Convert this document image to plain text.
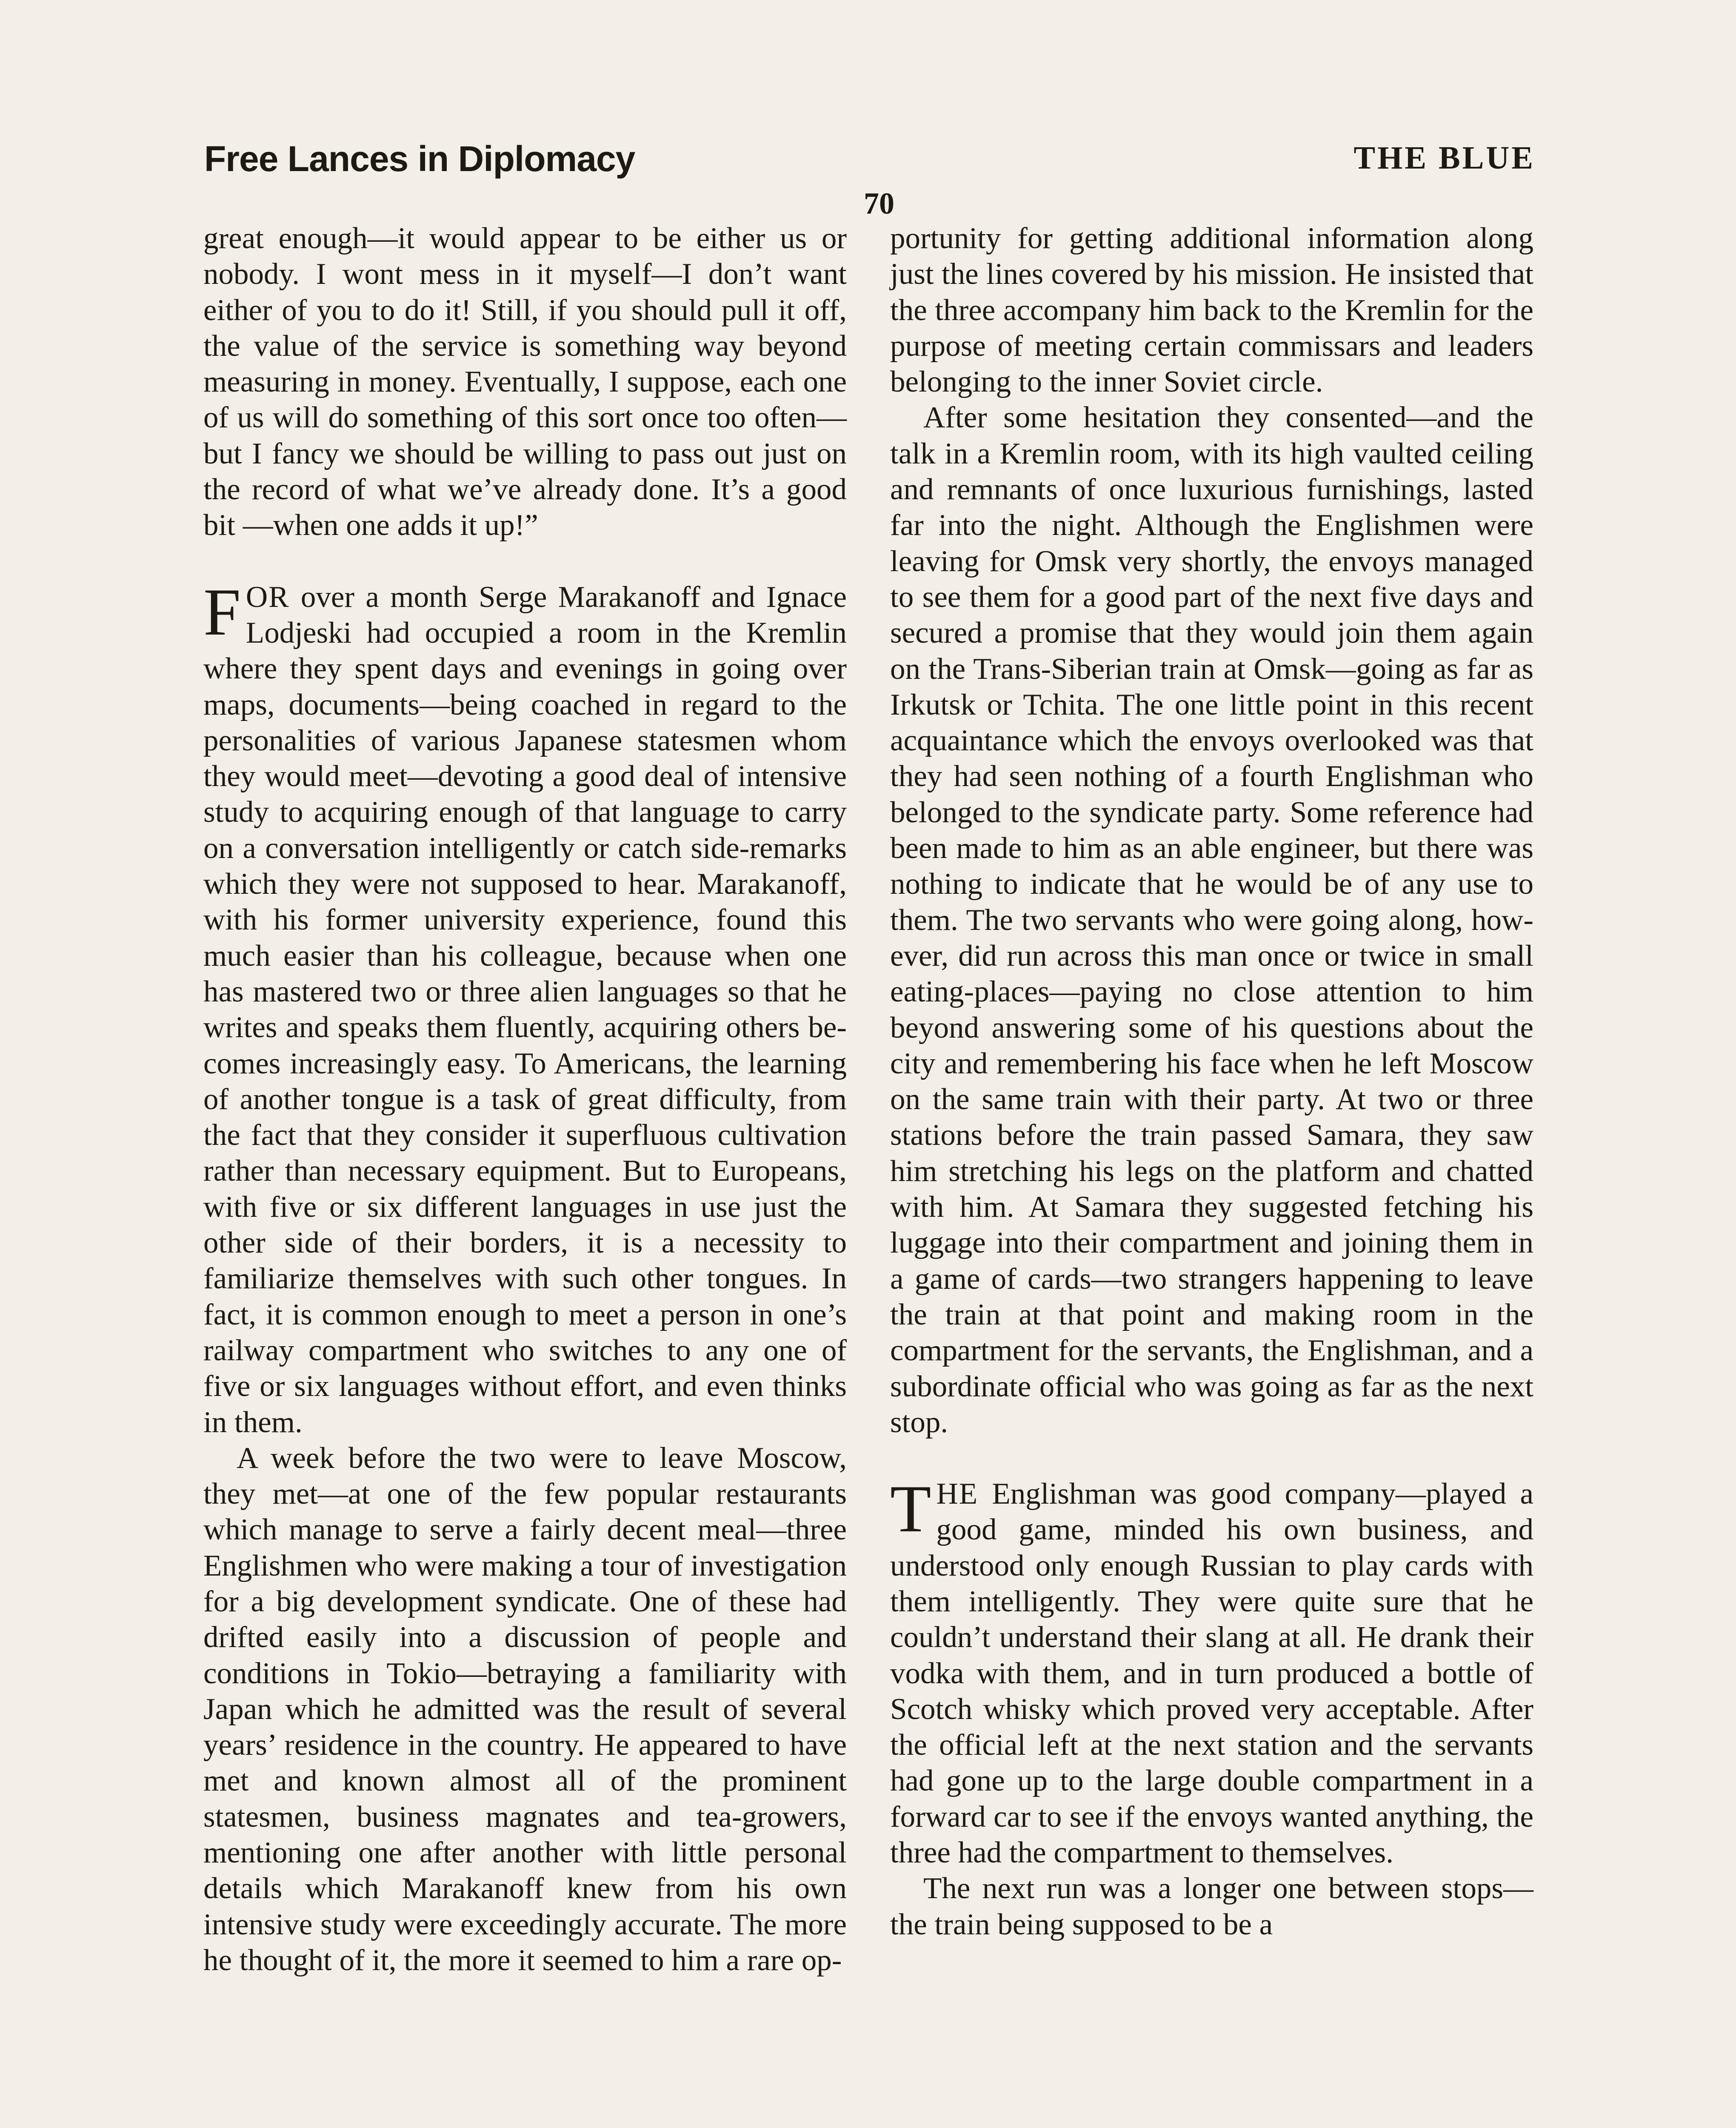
Free Lances in Diplomacy	THE BLUE
70

great enough—it would appear to be either us or nobody. I wont mess in it myself—I don’t want either of you to do it! Still, if you should pull it off, the value of the service is something way beyond measuring in money. Eventually, I suppose, each one of us will do something of this sort once too often—but I fancy we should be willing to pass out just on the record of what we’ve already done. It’s a good bit —when one adds it up!”

FOR over a month Serge Marakanoff and Ignace Lodjeski had occupied a room in the Kremlin where they spent days and evenings in going over maps, documents—being coached in regard to the personalities of various Japanese statesmen whom they would meet—devoting a good deal of intensive study to acquiring enough of that language to carry on a conversation intelligently or catch side-remarks which they were not supposed to hear. Marakanoff, with his former university experience, found this much easier than his colleague, because when one has mastered two or three alien languages so that he writes and speaks them fluently, acquiring others becomes increasingly easy. To Americans, the learning of another tongue is a task of great difficulty, from the fact that they consider it superfluous cultivation rather than necessary equipment. But to Europeans, with five or six different languages in use just the other side of their borders, it is a necessity to familiarize themselves with such other tongues. In fact, it is common enough to meet a person in one’s railway compartment who switches to any one of five or six languages without effort, and even thinks in them.

A week before the two were to leave Moscow, they met—at one of the few popular restaurants which manage to serve a fairly decent meal—three Englishmen who were making a tour of investigation for a big development syndicate. One of these had drifted easily into a discussion of people and conditions in Tokio—betraying a familiarity with Japan which he admitted was the result of several years’ residence in the country. He appeared to have met and known almost all of the prominent statesmen, business magnates and tea-growers, mentioning one after another with little personal details which Marakanoff knew from his own intensive study were exceedingly accurate. The more he thought of it, the more it seemed to him a rare op-

portunity for getting additional information along just the lines covered by his mission. He insisted that the three accompany him back to the Kremlin for the purpose of meeting certain commissars and leaders belonging to the inner Soviet circle.

After some hesitation they consented—and the talk in a Kremlin room, with its high vaulted ceiling and remnants of once luxurious furnishings, lasted far into the night. Although the Englishmen were leaving for Omsk very shortly, the envoys managed to see them for a good part of the next five days and secured a promise that they would join them again on the Trans-Siberian train at Omsk—going as far as Irkutsk or Tchita. The one little point in this recent acquaintance which the envoys overlooked was that they had seen nothing of a fourth Englishman who belonged to the syndicate party. Some reference had been made to him as an able engineer, but there was nothing to indicate that he would be of any use to them. The two servants who were going along, however, did run across this man once or twice in small eating-places—paying no close attention to him beyond answering some of his questions about the city and remembering his face when he left Moscow on the same train with their party. At two or three stations before the train passed Samara, they saw him stretching his legs on the platform and chatted with him. At Samara they suggested fetching his luggage into their compartment and joining them in a game of cards—two strangers happening to leave the train at that point and making room in the compartment for the servants, the Englishman, and a subordinate official who was going as far as the next stop.

THE Englishman was good company—played a good game, minded his own business, and understood only enough Russian to play cards with them intelligently. They were quite sure that he couldn’t understand their slang at all. He drank their vodka with them, and in turn produced a bottle of Scotch whisky which proved very acceptable. After the official left at the next station and the servants had gone up to the large double compartment in a forward car to see if the envoys wanted anything, the three had the compartment to themselves.

The next run was a longer one between stops—the train being supposed to be a
